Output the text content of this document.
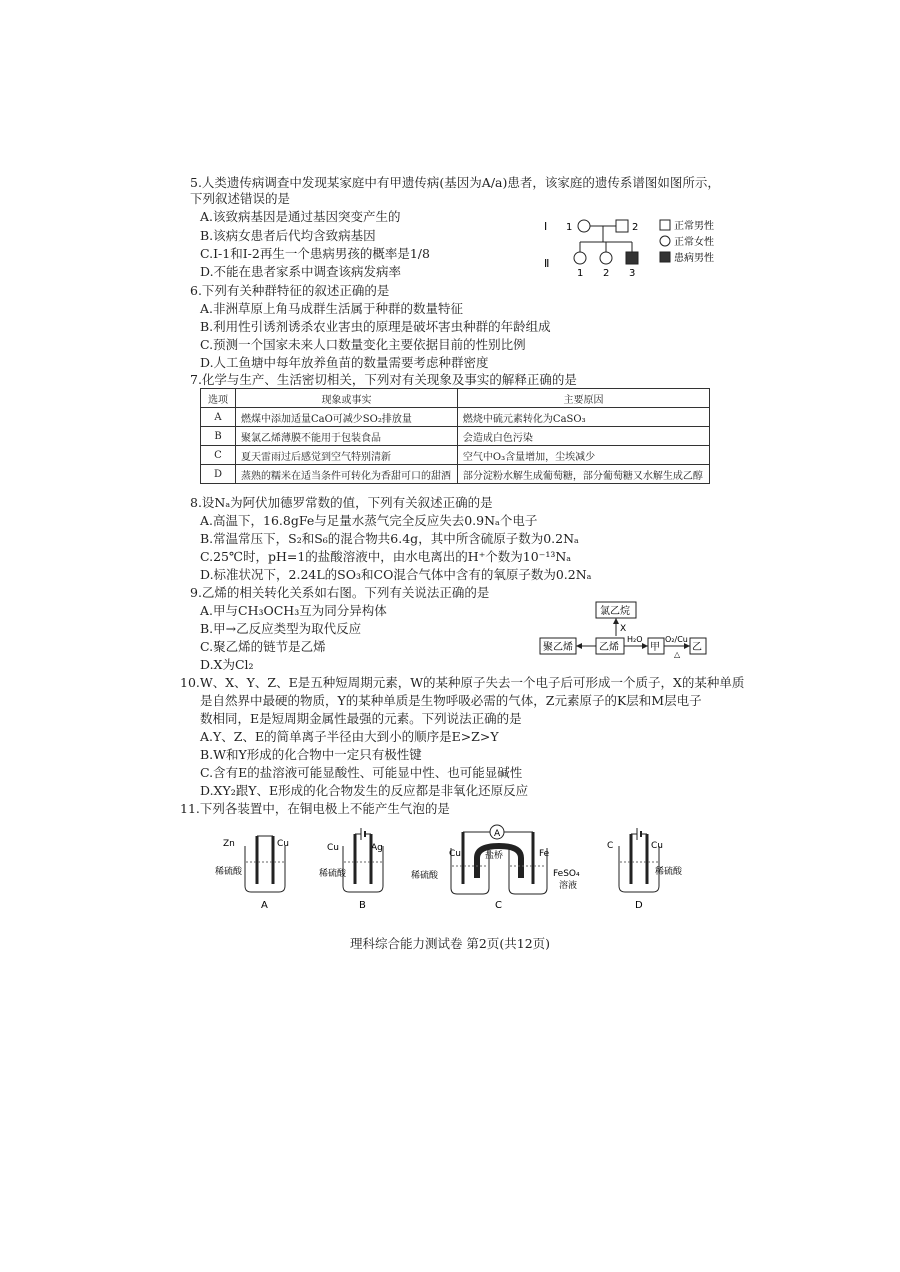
5.人类遗传病调查中发现某家庭中有甲遗传病(基因为A/a)患者，该家庭的遗传系谱图如图所示，
下列叙述错误的是
A.该致病基因是通过基因突变产生的
B.该病女患者后代均含致病基因
C.Ⅰ-1和Ⅰ-2再生一个患病男孩的概率是1/8
D.不能在患者家系中调查该病发病率
Ⅰ
Ⅱ
1	2
1 2 3
正常男性
正常女性
患病男性
6.下列有关种群特征的叙述正确的是
A.非洲草原上角马成群生活属于种群的数量特征
B.利用性引诱剂诱杀农业害虫的原理是破坏害虫种群的年龄组成
C.预测一个国家未来人口数量变化主要依据目前的性别比例
D.人工鱼塘中每年放养鱼苗的数量需要考虑种群密度
7.化学与生产、生活密切相关，下列对有关现象及事实的解释正确的是
选项	现象或事实	主要原因
A	燃煤中添加适量CaO可减少SO₂排放量	燃烧中硫元素转化为CaSO₃
B	聚氯乙烯薄膜不能用于包装食品	会造成白色污染
C	夏天雷雨过后感觉到空气特别清新	空气中O₃含量增加，尘埃减少
D	蒸熟的糯米在适当条件可转化为香甜可口的甜酒	部分淀粉水解生成葡萄糖，部分葡萄糖又水解生成乙醇
8.设Nₐ为阿伏加德罗常数的值，下列有关叙述正确的是
A.高温下，16.8gFe与足量水蒸气完全反应失去0.9Nₐ个电子
B.常温常压下，S₂和S₆的混合物共6.4g，其中所含硫原子数为0.2Nₐ
C.25℃时，pH=1的盐酸溶液中，由水电离出的H⁺个数为10⁻¹³Nₐ
D.标准状况下，2.24L的SO₃和CO混合气体中含有的氧原子数为0.2Nₐ
9.乙烯的相关转化关系如右图。下列有关说法正确的是
A.甲与CH₃OCH₃互为同分异构体
B.甲→乙反应类型为取代反应
C.聚乙烯的链节是乙烯
D.X为Cl₂
氯乙烷
X
聚乙烯	乙烯
H₂O
甲
O₂/Cu
△
乙
10.W、X、Y、Z、E是五种短周期元素，W的某种原子失去一个电子后可形成一个质子，X的某种单质
是自然界中最硬的物质，Y的某种单质是生物呼吸必需的气体，Z元素原子的K层和M层电子
数相同，E是短周期金属性最强的元素。下列说法正确的是
A.Y、Z、E的简单离子半径由大到小的顺序是E>Z>Y
B.W和Y形成的化合物中一定只有极性键
C.含有E的盐溶液可能显酸性、可能显中性、也可能显碱性
D.XY₂跟Y、E形成的化合物发生的反应都是非氧化还原反应
11.下列各装置中，在铜电极上不能产生气泡的是
Zn	Cu
稀硫酸
A
Cu	Ag
稀硫酸
B
A
Cu	Fe
盐桥
稀硫酸	FeSO₄
溶液
C
C	Cu
稀硫酸
D
理科综合能力测试卷 第2页(共12页)
